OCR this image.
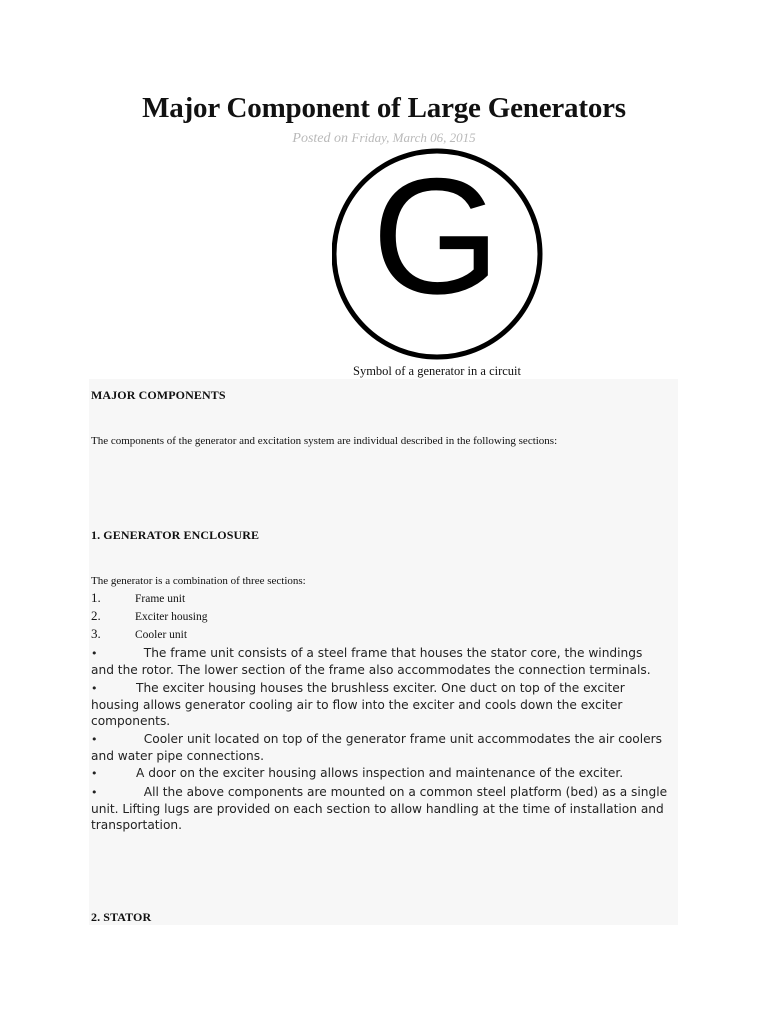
Major Component of Large Generators
Posted on Friday, March 06, 2015
G
Symbol of a generator in a circuit
MAJOR COMPONENTS
The components of the generator and excitation system are individual described in the following sections:
1. GENERATOR ENCLOSURE
The generator is a combination of three sections:
1.	Frame unit
2.	Exciter housing
3.	Cooler unit
•	The frame unit consists of a steel frame that houses the stator core, the windings
and the rotor. The lower section of the frame also accommodates the connection terminals.
•	The exciter housing houses the brushless exciter. One duct on top of the exciter
housing allows generator cooling air to flow into the exciter and cools down the exciter components.
•	Cooler unit located on top of the generator frame unit accommodates the air coolers
and water pipe connections.
•	A door on the exciter housing allows inspection and maintenance of the exciter.
•	All the above components are mounted on a common steel platform (bed) as a single
unit. Lifting lugs are provided on each section to allow handling at the time of installation and transportation.
2. STATOR
